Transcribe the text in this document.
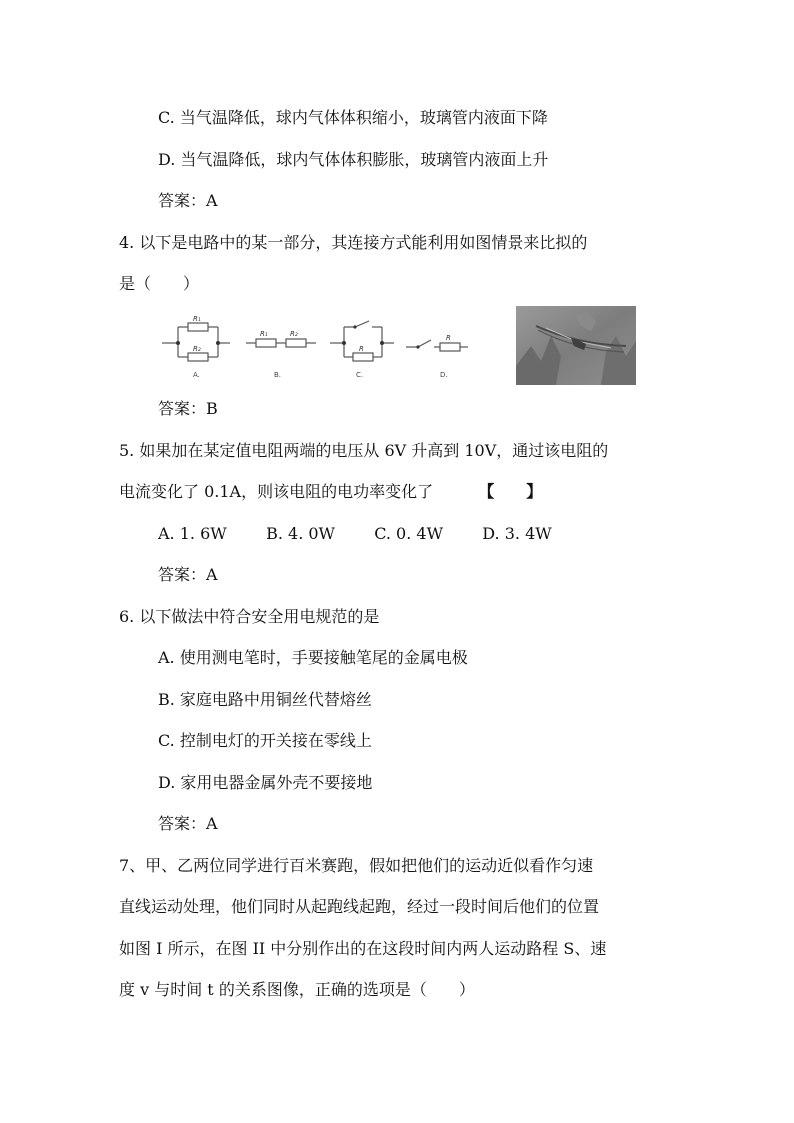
C. 当气温降低，球内气体体积缩小，玻璃管内液面下降
D. 当气温降低，球内气体体积膨胀，玻璃管内液面上升
答案：A
4. 以下是电路中的某一部分，其连接方式能利用如图情景来比拟的
是（　　）
R₁
R₂
R₁	R₂
R
R
A.	B.	C.	D.
答案：B
5. 如果加在某定值电阻两端的电压从 6V 升高到 10V，通过该电阻的
电流变化了 0.1A，则该电阻的电功率变化了	【　　】
A. 1. 6W B. 4. 0W C. 0. 4W D. 3. 4W
答案：A
6. 以下做法中符合安全用电规范的是
A. 使用测电笔时，手要接触笔尾的金属电极
B. 家庭电路中用铜丝代替熔丝
C. 控制电灯的开关接在零线上
D. 家用电器金属外壳不要接地
答案：A
7、甲、乙两位同学进行百米赛跑，假如把他们的运动近似看作匀速
直线运动处理，他们同时从起跑线起跑，经过一段时间后他们的位置
如图 I 所示，在图 II 中分别作出的在这段时间内两人运动路程 S、速
度 v 与时间 t 的关系图像，正确的选项是（　　）
